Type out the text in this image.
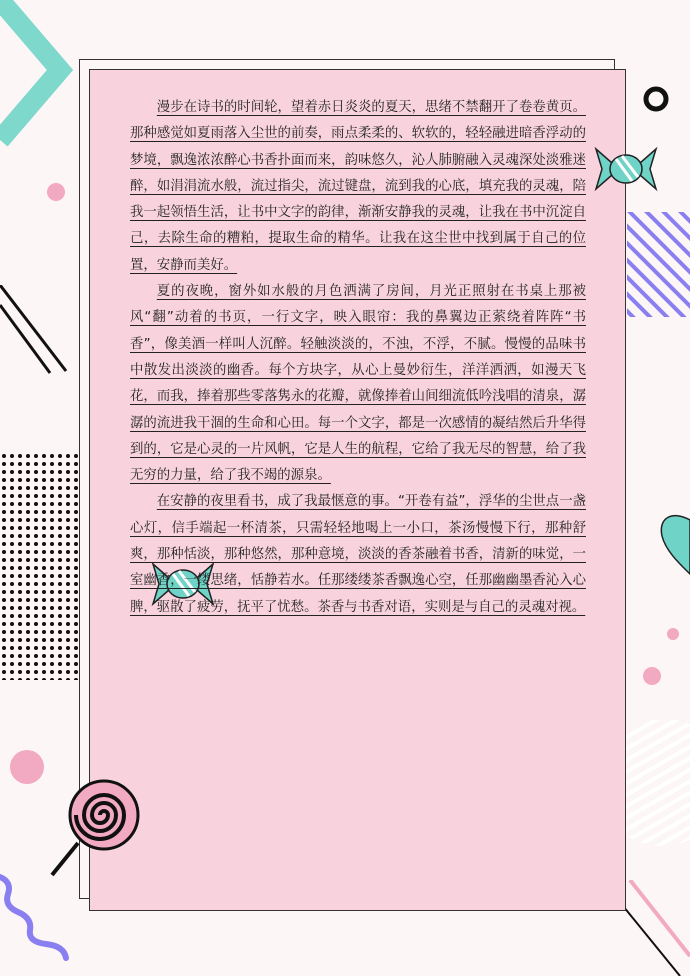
漫步在诗书的时间轮，望着赤日炎炎的夏天，思绪不禁翻开了卷卷黄页。那种感觉如夏雨落入尘世的前奏，雨点柔柔的、软软的，轻轻融进暗香浮动的梦境，飘逸浓浓醉心书香扑面而来，韵味悠久，沁人肺腑融入灵魂深处淡雅迷醉，如涓涓流水般，流过指尖，流过键盘，流到我的心底，填充我的灵魂，陪我一起领悟生活，让书中文字的韵律，渐渐安静我的灵魂，让我在书中沉淀自己，去除生命的糟粕，提取生命的精华。让我在这尘世中找到属于自己的位置，安静而美好。

夏的夜晚，窗外如水般的月色洒满了房间，月光正照射在书桌上那被风“翻”动着的书页，一行文字，映入眼帘：我的鼻翼边正萦绕着阵阵“书香”，像美酒一样叫人沉醉。轻触淡淡的，不浊，不浮，不腻。慢慢的品味书中散发出淡淡的幽香。每个方块字，从心上曼妙衍生，洋洋洒洒，如漫天飞花，而我，捧着那些零落隽永的花瓣，就像捧着山间细流低吟浅唱的清泉，潺潺的流进我干涸的生命和心田。每一个文字，都是一次感情的凝结然后升华得到的，它是心灵的一片风帆，它是人生的航程，它给了我无尽的智慧，给了我无穷的力量，给了我不竭的源泉。

在安静的夜里看书，成了我最惬意的事。“开卷有益”，浮华的尘世点一盏心灯，信手端起一杯清茶，只需轻轻地喝上一小口，茶汤慢慢下行，那种舒爽，那种恬淡，那种悠然，那种意境，淡淡的香茶融着书香，清新的味觉，一室幽香，一缕思绪，恬静若水。任那缕缕茶香飘逸心空，任那幽幽墨香沁入心脾，驱散了疲劳，抚平了忧愁。茶香与书香对语，实则是与自己的灵魂对视。
